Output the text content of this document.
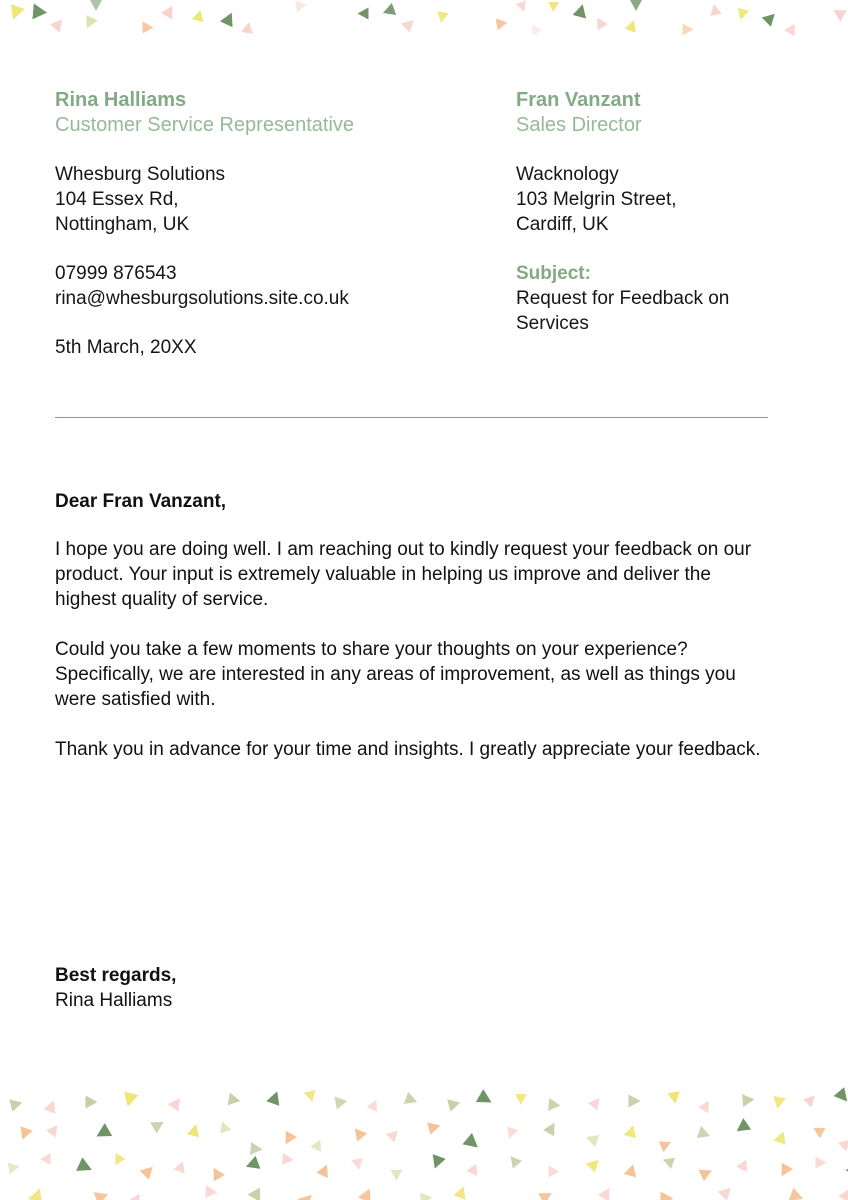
Rina Halliams
Customer Service Representative
Whesburg Solutions
104 Essex Rd,
Nottingham, UK
07999 876543
rina@whesburgsolutions.site.co.uk
5th March, 20XX
Fran Vanzant
Sales Director
Wacknology
103 Melgrin Street,
Cardiff, UK
Subject:
Request for Feedback on Services
Dear Fran Vanzant,

I hope you are doing well. I am reaching out to kindly request your feedback on our product. Your input is extremely valuable in helping us improve and deliver the highest quality of service.

Could you take a few moments to share your thoughts on your experience? Specifically, we are interested in any areas of improvement, as well as things you were satisfied with.

Thank you in advance for your time and insights. I greatly appreciate your feedback.

Best regards,
Rina Halliams
